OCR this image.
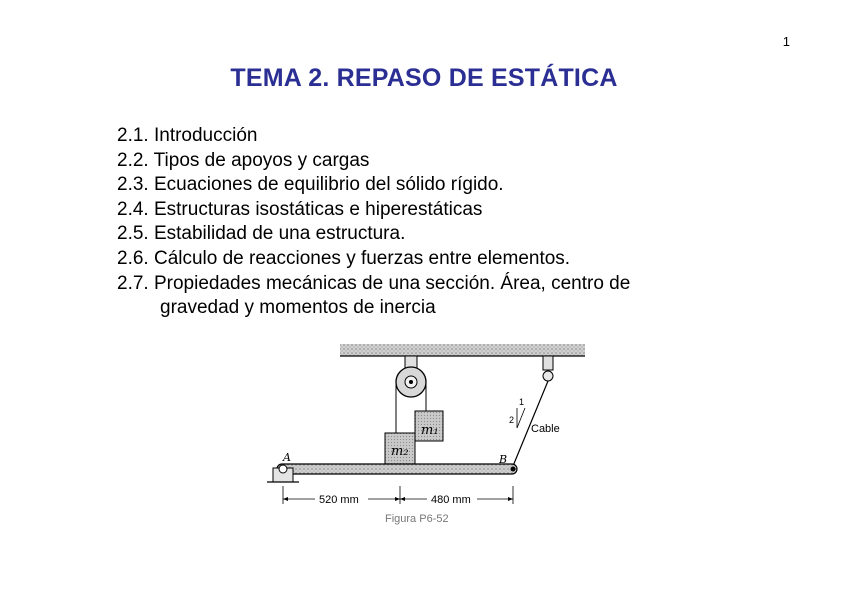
1
TEMA 2. REPASO DE ESTÁTICA
2.1. Introducción
2.2. Tipos de apoyos y cargas
2.3. Ecuaciones de equilibrio del sólido rígido.
2.4. Estructuras isostáticas e hiperestáticas
2.5. Estabilidad de una estructura.
2.6. Cálculo de reacciones y fuerzas entre elementos.
2.7. Propiedades mecánicas de una sección. Área, centro de
gravedad y momentos de inercia
m₁
m₂
Cable
1
2
A	B
520 mm	480 mm
Figura P6-52
